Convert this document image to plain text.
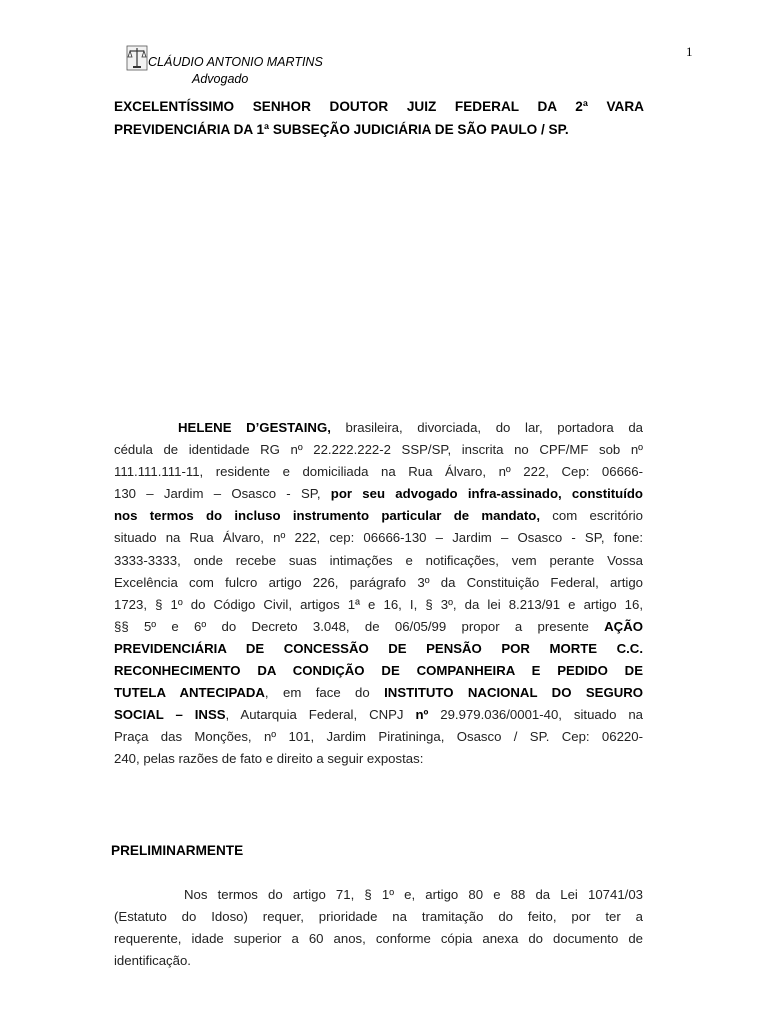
1
CLÁUDIO ANTONIO MARTINS
Advogado
EXCELENTÍSSIMO SENHOR DOUTOR JUIZ FEDERAL DA 2ª VARA
PREVIDENCIÁRIA DA 1ª SUBSEÇÃO JUDICIÁRIA DE SÃO PAULO / SP.
HELENE D’GESTAING, brasileira, divorciada, do lar, portadora da
cédula de identidade RG nº 22.222.222-2 SSP/SP, inscrita no CPF/MF sob nº
111.111.111-11, residente e domiciliada na Rua Álvaro, nº 222, Cep: 06666-
130 – Jardim – Osasco - SP, por seu advogado infra-assinado, constituído
nos termos do incluso instrumento particular de mandato, com escritório
situado na Rua Álvaro, nº 222, cep: 06666-130 – Jardim – Osasco - SP, fone:
3333-3333, onde recebe suas intimações e notificações, vem perante Vossa
Excelência com fulcro artigo 226, parágrafo 3º da Constituição Federal, artigo
1723, § 1º do Código Civil, artigos 1ª e 16, I, § 3º, da lei 8.213/91 e artigo 16,
§§ 5º e 6º do Decreto 3.048, de 06/05/99 propor a presente AÇÃO
PREVIDENCIÁRIA DE CONCESSÃO DE PENSÃO POR MORTE C.C.
RECONHECIMENTO DA CONDIÇÃO DE COMPANHEIRA E PEDIDO DE
TUTELA ANTECIPADA, em face do INSTITUTO NACIONAL DO SEGURO
SOCIAL – INSS, Autarquia Federal, CNPJ nº 29.979.036/0001-40, situado na
Praça das Monções, nº 101, Jardim Piratininga, Osasco / SP. Cep: 06220-
240, pelas razões de fato e direito a seguir expostas:
PRELIMINARMENTE
Nos termos do artigo 71, § 1º e, artigo 80 e 88 da Lei 10741/03
(Estatuto do Idoso) requer, prioridade na tramitação do feito, por ter a
requerente, idade superior a 60 anos, conforme cópia anexa do documento de
identificação.
